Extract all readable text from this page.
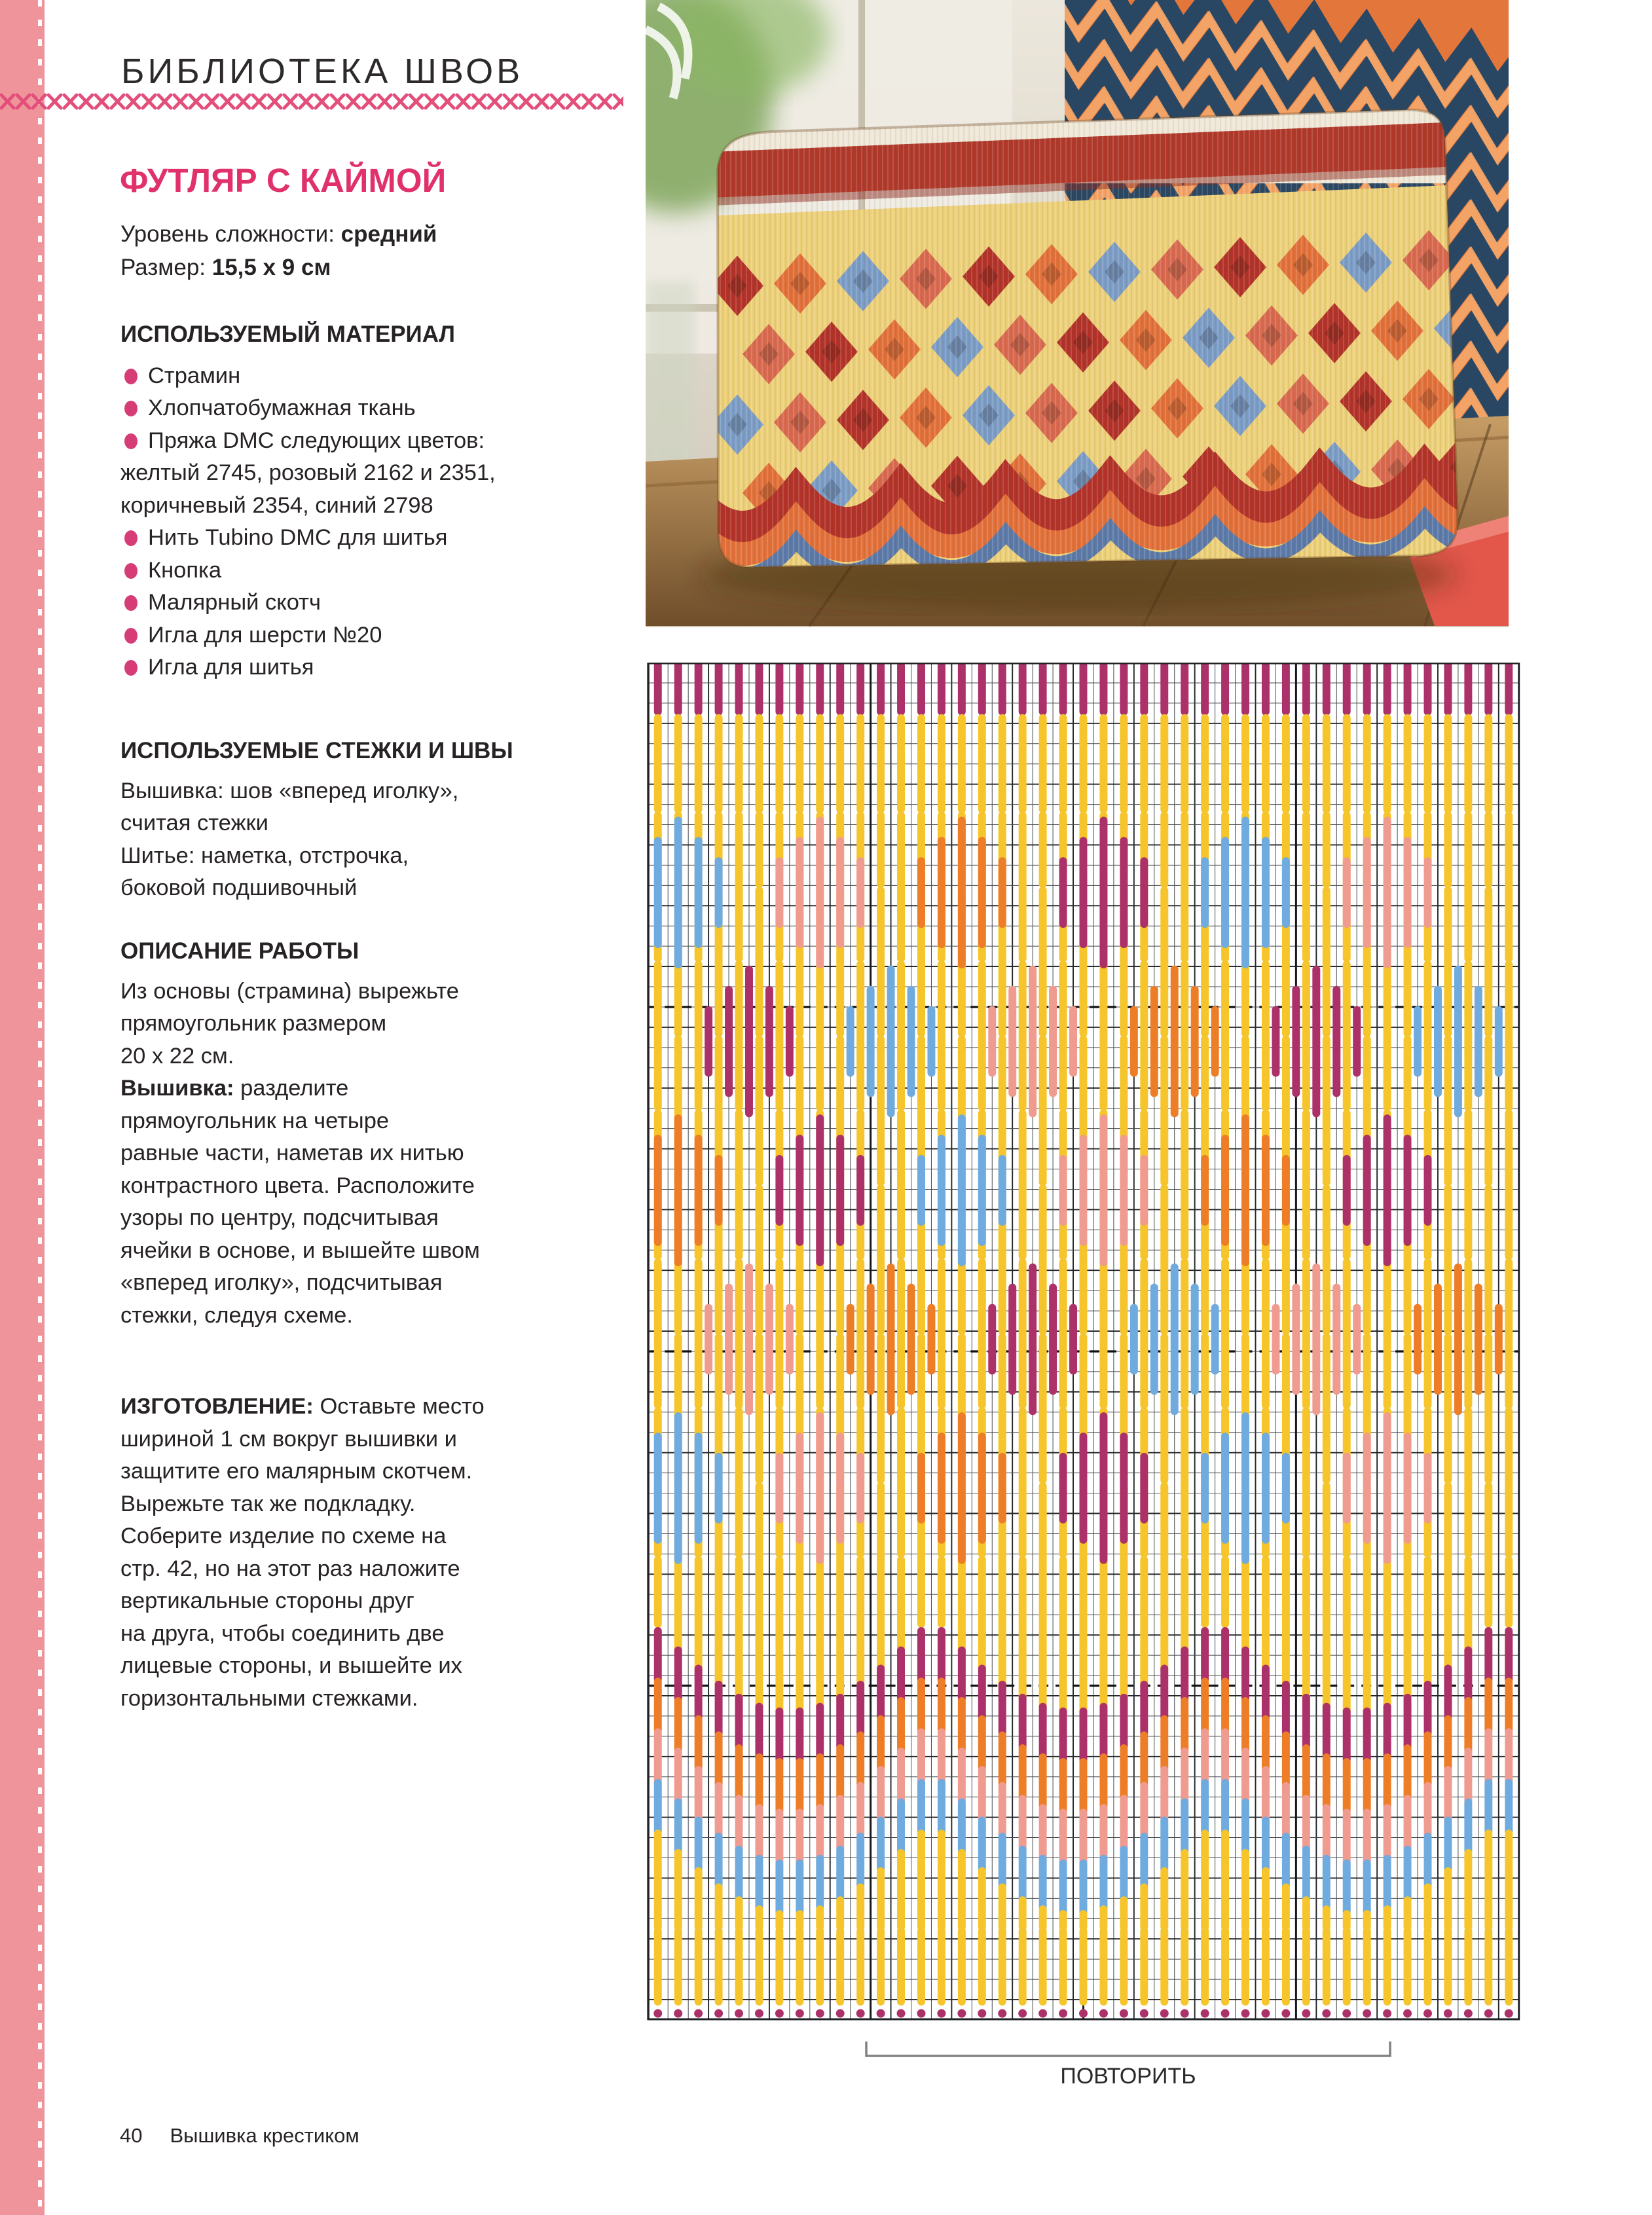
БИБЛИОТЕКА ШВОВ
ФУТЛЯР С КАЙМОЙ
Уровень сложности: средний
Размер: 15,5 х 9 см
ИСПОЛЬЗУЕМЫЙ МАТЕРИАЛ
Страмин
Хлопчатобумажная ткань
Пряжа DMC следующих цветов:
желтый 2745, розовый 2162 и 2351,
коричневый 2354, синий 2798
Нить Tubino DMC для шитья
Кнопка
Малярный скотч
Игла для шерсти №20
Игла для шитья
ИСПОЛЬЗУЕМЫЕ СТЕЖКИ И ШВЫ
Вышивка: шов «вперед иголку»,
считая стежки
Шитье: наметка, отстрочка,
боковой подшивочный
ОПИСАНИЕ РАБОТЫ
Из основы (страмина) вырежьте
прямоугольник размером
20 х 22 см.
Вышивка: разделите
прямоугольник на четыре
равные части, наметав их нитью
контрастного цвета. Расположите
узоры по центру, подсчитывая
ячейки в основе, и вышейте швом
«вперед иголку», подсчитывая
стежки, следуя схеме.
ИЗГОТОВЛЕНИЕ: Оставьте место
шириной 1 см вокруг вышивки и
защитите его малярным скотчем.
Вырежьте так же подкладку.
Соберите изделие по схеме на
стр. 42, но на этот раз наложите
вертикальные стороны друг
на друга, чтобы соединить две
лицевые стороны, и вышейте их
горизонтальными стежками.
ПОВТОРИТЬ
40 Вышивка крестиком
